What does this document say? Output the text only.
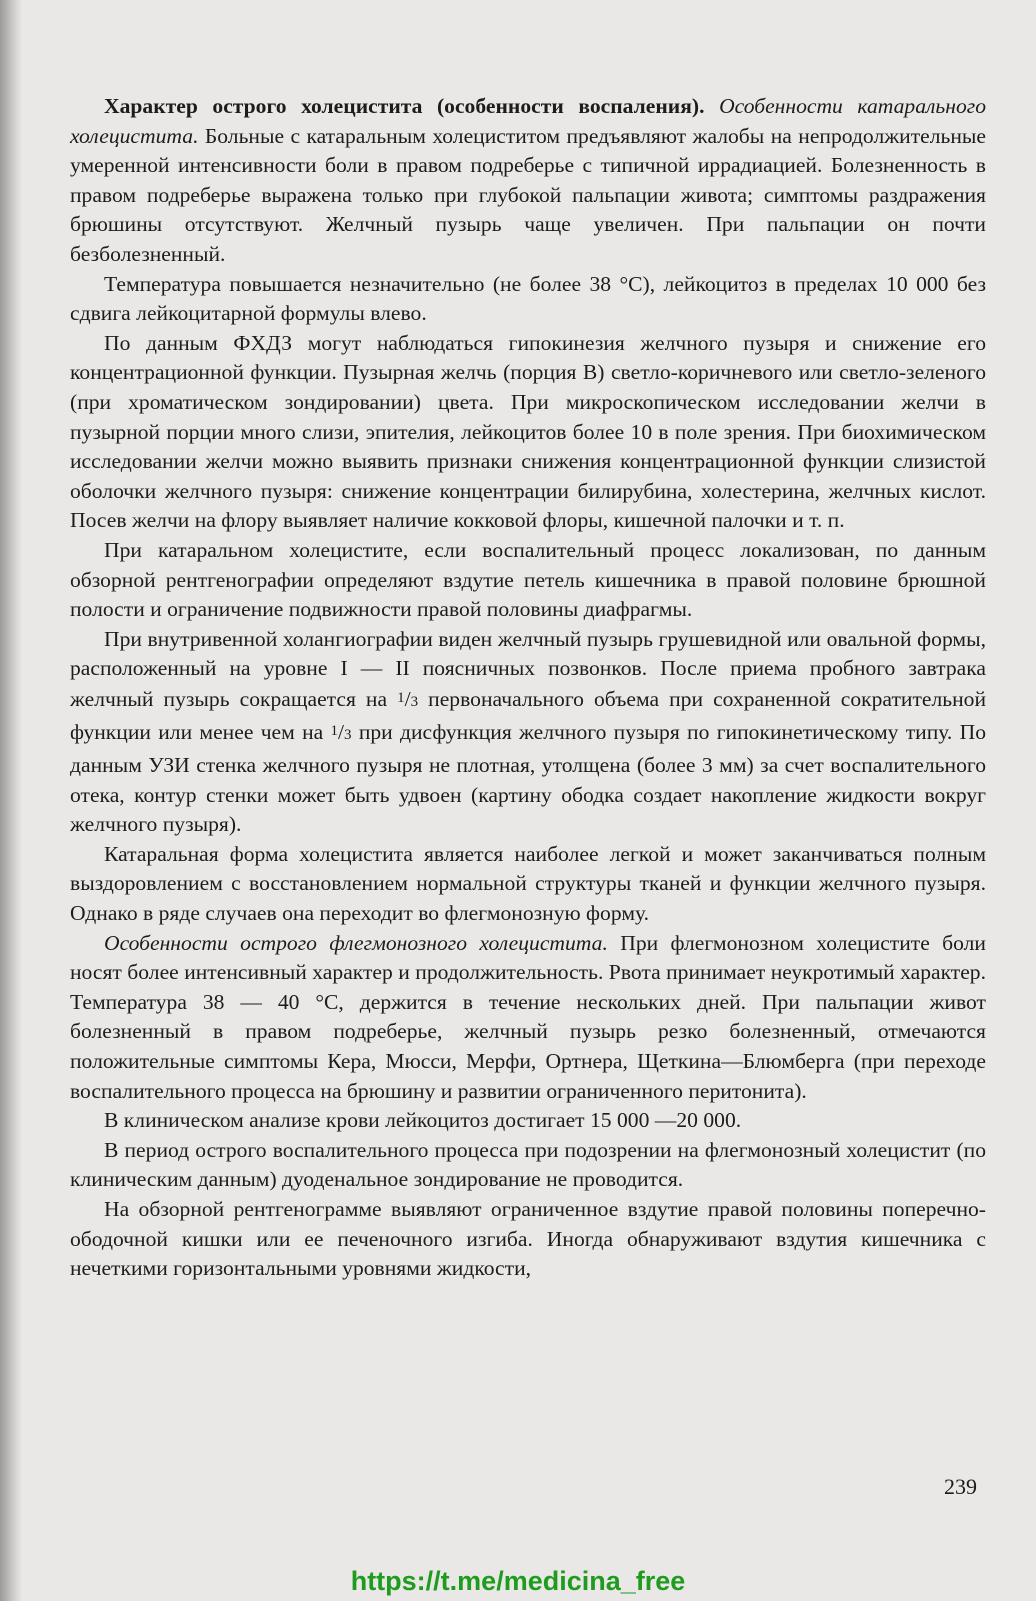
Характер острого холецистита (особенности воспаления). Особенности катарального холецистита. Больные с катаральным холециститом предъявляют жалобы на непродолжительные умеренной интенсивности боли в правом подреберье с типичной иррадиацией. Болезненность в правом подреберье выражена только при глубокой пальпации живота; симптомы раздражения брюшины отсутствуют. Желчный пузырь чаще увеличен. При пальпации он почти безболезненный.

Температура повышается незначительно (не более 38 °С), лейкоцитоз в пределах 10 000 без сдвига лейкоцитарной формулы влево.

По данным ФХДЗ могут наблюдаться гипокинезия желчного пузыря и снижение его концентрационной функции. Пузырная желчь (порция В) светло-коричневого или светло-зеленого (при хроматическом зондировании) цвета. При микроскопическом исследовании желчи в пузырной порции много слизи, эпителия, лейкоцитов более 10 в поле зрения. При биохимическом исследовании желчи можно выявить признаки снижения концентрационной функции слизистой оболочки желчного пузыря: снижение концентрации билирубина, холестерина, желчных кислот. Посев желчи на флору выявляет наличие кокковой флоры, кишечной палочки и т. п.

При катаральном холецистите, если воспалительный процесс локализован, по данным обзорной рентгенографии определяют вздутие петель кишечника в правой половине брюшной полости и ограничение подвижности правой половины диафрагмы.

При внутривенной холангиографии виден желчный пузырь грушевидной или овальной формы, расположенный на уровне I — II поясничных позвонков. После приема пробного завтрака желчный пузырь сокращается на 1/3 первоначального объема при сохраненной сократительной функции или менее чем на 1/3 при дисфункция желчного пузыря по гипокинетическому типу. По данным УЗИ стенка желчного пузыря не плотная, утолщена (более 3 мм) за счет воспалительного отека, контур стенки может быть удвоен (картину ободка создает накопление жидкости вокруг желчного пузыря).

Катаральная форма холецистита является наиболее легкой и может заканчиваться полным выздоровлением с восстановлением нормальной структуры тканей и функции желчного пузыря. Однако в ряде случаев она переходит во флегмонозную форму.

Особенности острого флегмонозного холецистита. При флегмонозном холецистите боли носят более интенсивный характер и продолжительность. Рвота принимает неукротимый характер. Температура 38 — 40 °С, держится в течение нескольких дней. При пальпации живот болезненный в правом подреберье, желчный пузырь резко болезненный, отмечаются положительные симптомы Кера, Мюсси, Мерфи, Ортнера, Щеткина—Блюмберга (при переходе воспалительного процесса на брюшину и развитии ограниченного перитонита).

В клиническом анализе крови лейкоцитоз достигает 15 000 —20 000.

В период острого воспалительного процесса при подозрении на флегмонозный холецистит (по клиническим данным) дуоденальное зондирование не проводится.

На обзорной рентгенограмме выявляют ограниченное вздутие правой половины поперечно-ободочной кишки или ее печеночного изгиба. Иногда обнаруживают вздутия кишечника с нечеткими горизонтальными уровнями жидкости,

239
https://t.me/medicina_free
